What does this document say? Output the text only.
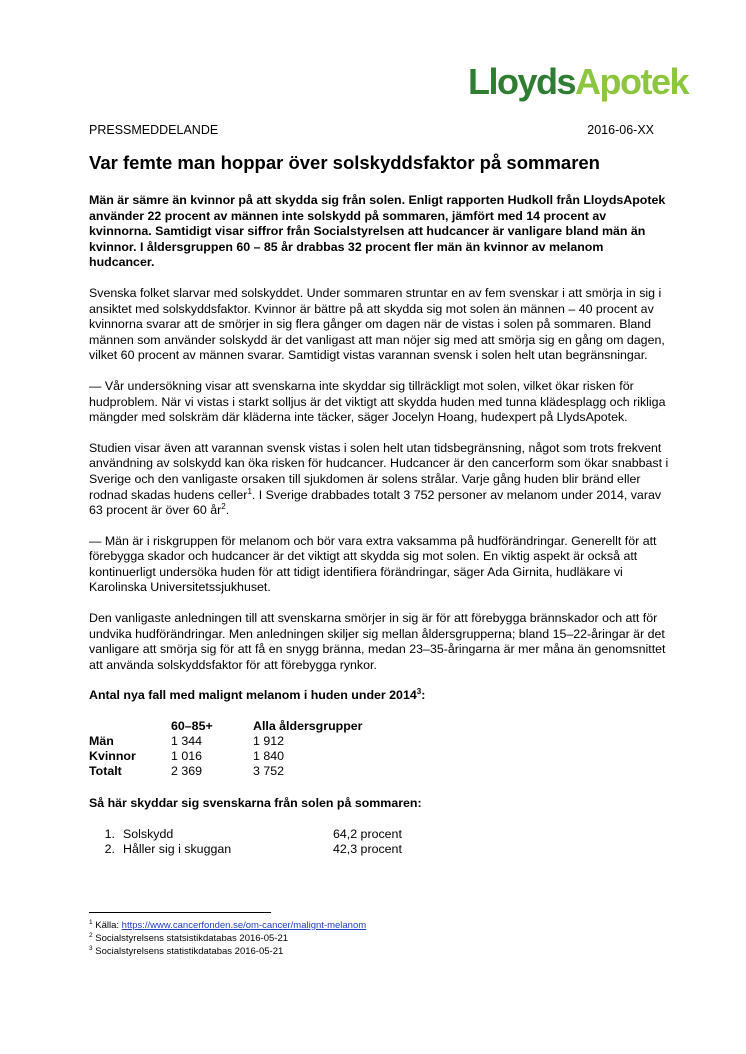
LloydsApotek
PRESSMEDDELANDE	2016-06-XX
Var femte man hoppar över solskyddsfaktor på sommaren

Män är sämre än kvinnor på att skydda sig från solen. Enligt rapporten Hudkoll från LloydsApotek använder 22 procent av männen inte solskydd på sommaren, jämfört med 14 procent av kvinnorna. Samtidigt visar siffror från Socialstyrelsen att hudcancer är vanligare bland män än kvinnor. I åldersgruppen 60 – 85 år drabbas 32 procent fler män än kvinnor av melanom hudcancer.

Svenska folket slarvar med solskyddet. Under sommaren struntar en av fem svenskar i att smörja in sig i ansiktet med solskyddsfaktor. Kvinnor är bättre på att skydda sig mot solen än männen – 40 procent av kvinnorna svarar att de smörjer in sig flera gånger om dagen när de vistas i solen på sommaren. Bland männen som använder solskydd är det vanligast att man nöjer sig med att smörja sig en gång om dagen, vilket 60 procent av männen svarar. Samtidigt vistas varannan svensk i solen helt utan begränsningar.

— Vår undersökning visar att svenskarna inte skyddar sig tillräckligt mot solen, vilket ökar risken för hudproblem. När vi vistas i starkt solljus är det viktigt att skydda huden med tunna klädesplagg och rikliga mängder med solskräm där kläderna inte täcker, säger Jocelyn Hoang, hudexpert på LlydsApotek.

Studien visar även att varannan svensk vistas i solen helt utan tidsbegränsning, något som trots frekvent användning av solskydd kan öka risken för hudcancer. Hudcancer är den cancerform som ökar snabbast i Sverige och den vanligaste orsaken till sjukdomen är solens strålar. Varje gång huden blir bränd eller rodnad skadas hudens celler$^1$. I Sverige drabbades totalt 3 752 personer av melanom under 2014, varav 63 procent är över 60 $år^2$.

— Män är i riskgruppen för melanom och bör vara extra vaksamma på hudförändringar. Generellt för att förebygga skador och hudcancer är det viktigt att skydda sig mot solen. En viktig aspekt är också att kontinuerligt undersöka huden för att tidigt identifiera förändringar, säger Ada Girnita, hudläkare vi Karolinska Universitetssjukhuset.

Den vanligaste anledningen till att svenskarna smörjer in sig är för att förebygga brännskador och att för undvika hudförändringar. Men anledningen skiljer sig mellan åldersgrupperna; bland 15–22-åringar är det vanligare att smörja sig för att få en snygg bränna, medan 23–35-åringarna är mer måna än genomsnittet att använda solskyddsfaktor för att förebygga rynkor.

Antal nya fall med malignt melanom i huden under 2014$^3$:

	60–85+	Alla åldersgrupper
Män	1 344	1 912
Kvinnor	1 016	1 840
Totalt	2 369	3 752

Så här skyddar sig svenskarna från solen på sommaren:

1. Solskydd	64,2 procent
2. Håller sig i skuggan	42,3 procent
$^1$ Källa: https://www.cancerfonden.se/om-cancer/malignt-melanom
$^2$ Socialstyrelsens statsistikdatabas 2016-05-21
$^3$ Socialstyrelsens statistikdatabas 2016-05-21
